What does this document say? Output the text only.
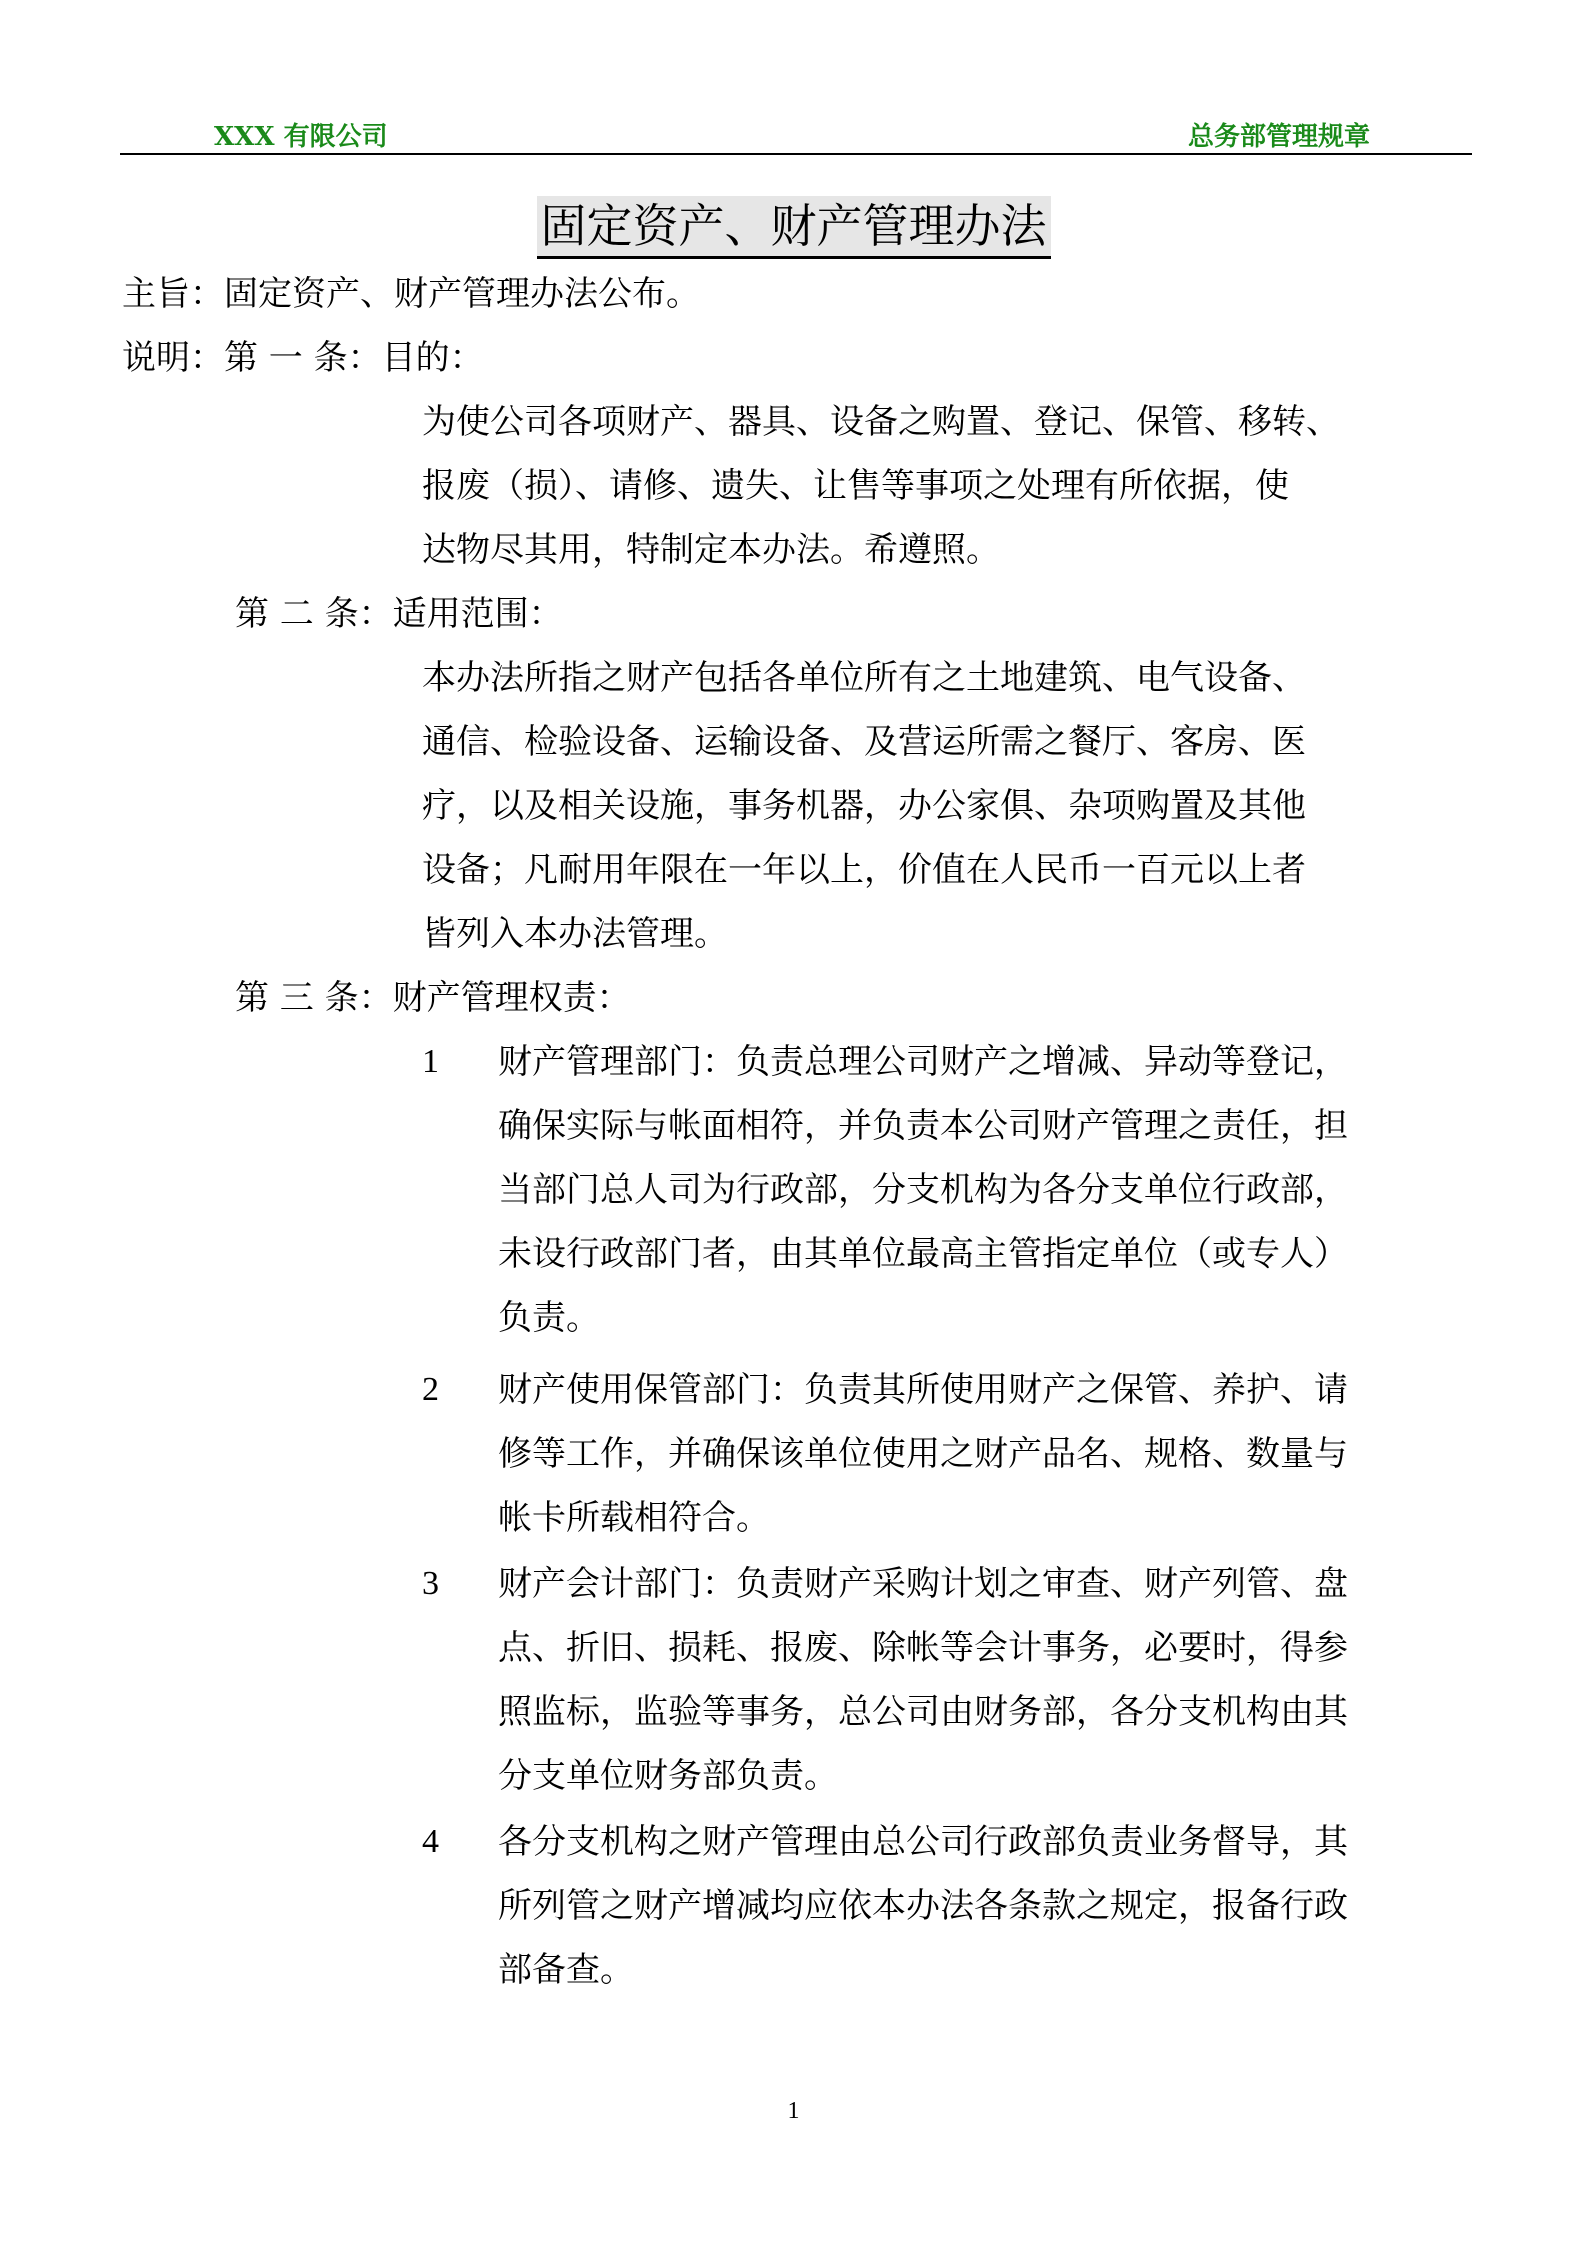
XXX 有限公司	总务部管理规章
固定资产、财产管理办法
主旨：固定资产、财产管理办法公布。
说明：第 一 条：目的：
为使公司各项财产、器具、设备之购置、登记、保管、移转、
报废（损）、请修、遗失、让售等事项之处理有所依据，使
达物尽其用，特制定本办法。希遵照。
第 二 条：适用范围：
本办法所指之财产包括各单位所有之土地建筑、电气设备、
通信、检验设备、运输设备、及营运所需之餐厅、客房、医
疗，以及相关设施，事务机器，办公家俱、杂项购置及其他
设备；凡耐用年限在一年以上，价值在人民币一百元以上者
皆列入本办法管理。
第 三 条：财产管理权责：
1 财产管理部门：负责总理公司财产之增减、异动等登记，
确保实际与帐面相符，并负责本公司财产管理之责任，担
当部门总人司为行政部，分支机构为各分支单位行政部，
未设行政部门者，由其单位最高主管指定单位（或专人）
负责。
2 财产使用保管部门：负责其所使用财产之保管、养护、请
修等工作，并确保该单位使用之财产品名、规格、数量与
帐卡所载相符合。
3 财产会计部门：负责财产采购计划之审查、财产列管、盘
点、折旧、损耗、报废、除帐等会计事务，必要时，得参
照监标，监验等事务，总公司由财务部，各分支机构由其
分支单位财务部负责。
4 各分支机构之财产管理由总公司行政部负责业务督导，其
所列管之财产增减均应依本办法各条款之规定，报备行政
部备查。
1
